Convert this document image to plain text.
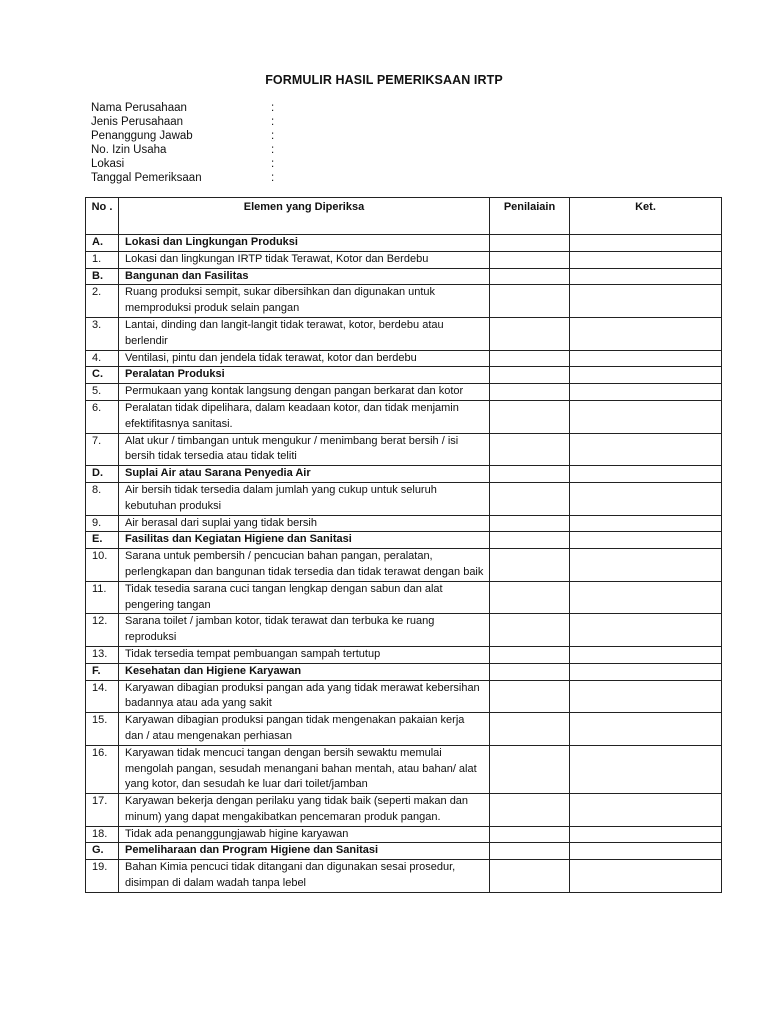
FORMULIR HASIL PEMERIKSAAN IRTP
Nama Perusahaan	:
Jenis Perusahaan	:
Penanggung Jawab	:
No. Izin Usaha	:
Lokasi	:
Tanggal Pemeriksaan	:
No .	Elemen yang Diperiksa	Penilaiain	Ket.
A.	Lokasi dan Lingkungan Produksi		
1.	Lokasi dan lingkungan IRTP tidak Terawat, Kotor dan Berdebu		
B.	Bangunan dan Fasilitas		
2.	Ruang produksi sempit, sukar dibersihkan dan digunakan untuk memproduksi produk selain pangan		
3.	Lantai, dinding dan langit-langit tidak terawat, kotor, berdebu atau berlendir		
4.	Ventilasi, pintu dan jendela tidak terawat, kotor dan berdebu		
C.	Peralatan Produksi		
5.	Permukaan yang kontak langsung dengan pangan berkarat dan kotor		
6.	Peralatan tidak dipelihara, dalam keadaan kotor, dan tidak menjamin efektifitasnya sanitasi.		
7.	Alat ukur / timbangan untuk mengukur / menimbang berat bersih / isi bersih tidak tersedia atau tidak teliti		
D.	Suplai Air atau Sarana Penyedia Air		
8.	Air bersih tidak tersedia dalam jumlah yang cukup untuk seluruh kebutuhan produksi		
9.	Air berasal dari suplai yang tidak bersih		
E.	Fasilitas dan Kegiatan Higiene dan Sanitasi		
10.	Sarana untuk pembersih / pencucian bahan pangan, peralatan, perlengkapan dan bangunan tidak tersedia dan tidak terawat dengan baik		
11.	Tidak tesedia sarana cuci tangan lengkap dengan sabun dan alat pengering tangan		
12.	Sarana toilet / jamban kotor, tidak terawat dan terbuka ke ruang reproduksi		
13.	Tidak tersedia tempat pembuangan sampah tertutup		
F.	Kesehatan dan Higiene Karyawan		
14.	Karyawan dibagian produksi pangan ada yang tidak merawat kebersihan badannya atau ada yang sakit		
15.	Karyawan dibagian produksi pangan tidak mengenakan pakaian kerja dan / atau mengenakan perhiasan		
16.	Karyawan tidak mencuci tangan dengan bersih sewaktu memulai mengolah pangan, sesudah menangani bahan mentah, atau bahan/ alat yang kotor, dan sesudah ke luar dari toilet/jamban		
17.	Karyawan bekerja dengan perilaku yang tidak baik (seperti makan dan minum) yang dapat mengakibatkan pencemaran produk pangan.		
18.	Tidak ada penanggungjawab higine karyawan		
G.	Pemeliharaan dan Program Higiene dan Sanitasi		
19.	Bahan Kimia pencuci tidak ditangani dan digunakan sesai prosedur, disimpan di dalam wadah tanpa lebel		
